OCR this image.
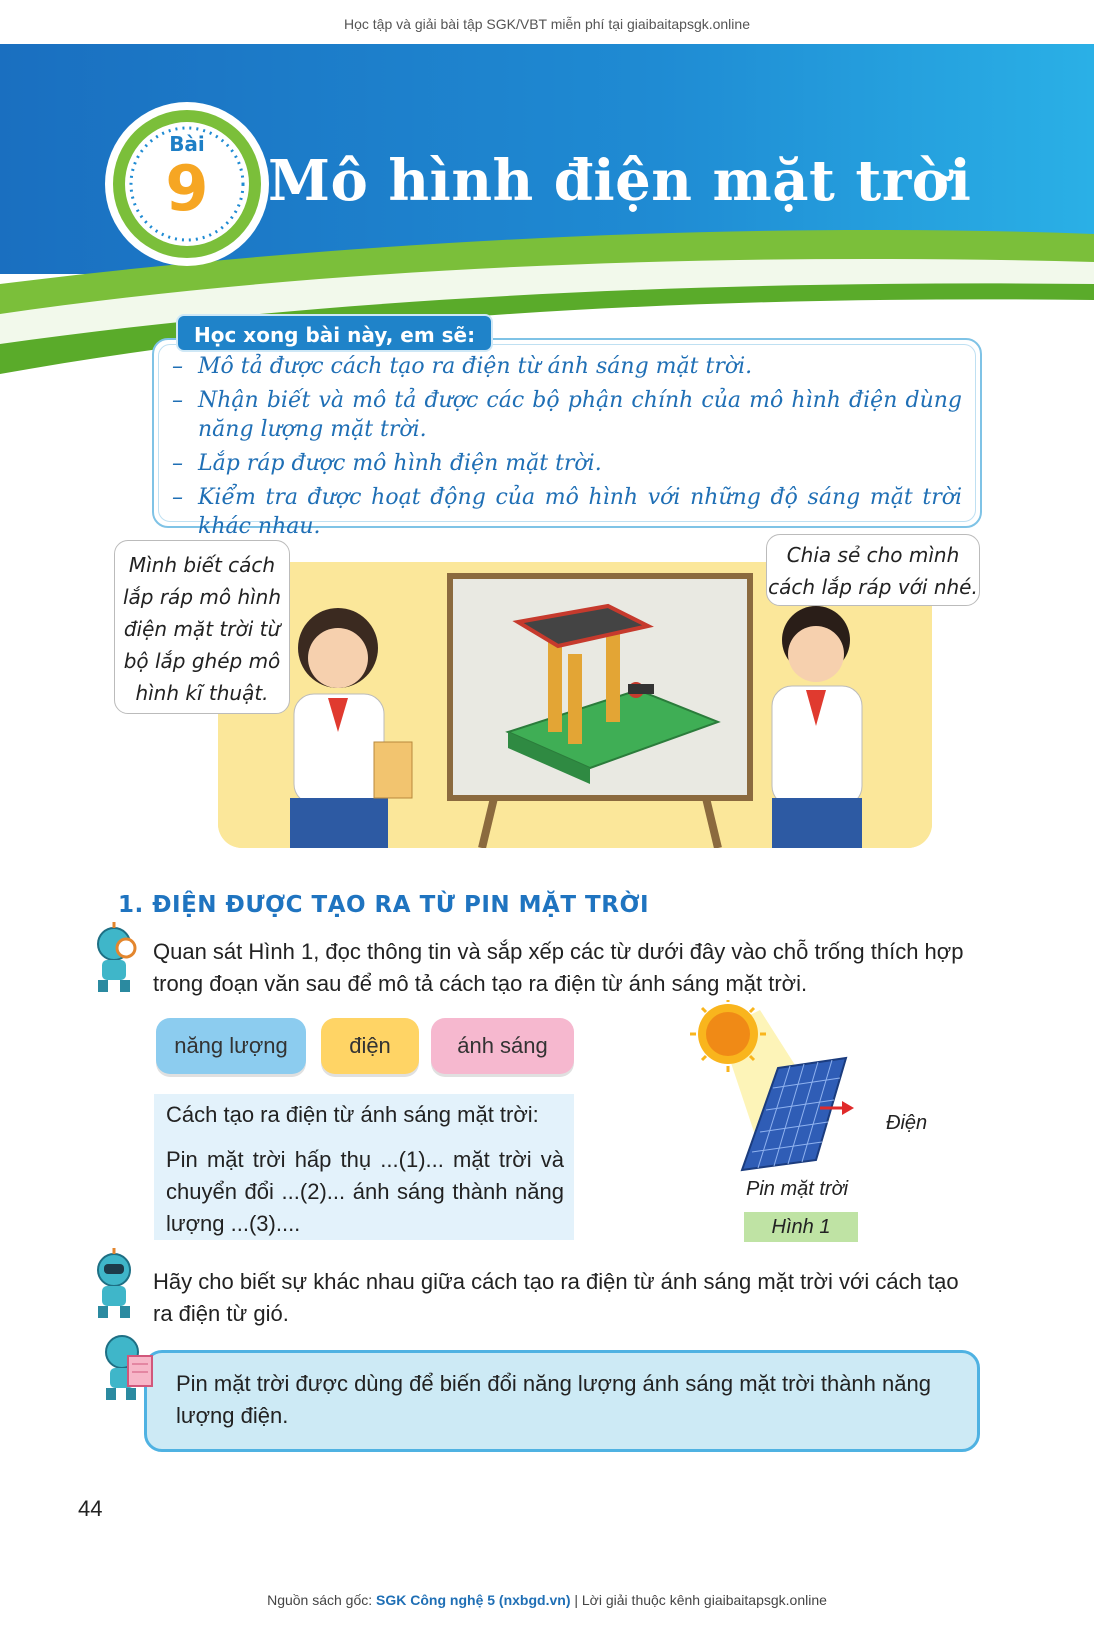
Học tập và giải bài tập SGK/VBT miễn phí tại giaibaitapsgk.online
Bài
9	Mô hình điện mặt trời
Học xong bài này, em sẽ:
– Mô tả được cách tạo ra điện từ ánh sáng mặt trời.
– Nhận biết và mô tả được các bộ phận chính của mô hình điện dùng năng lượng mặt trời.
– Lắp ráp được mô hình điện mặt trời.
– Kiểm tra được hoạt động của mô hình với những độ sáng mặt trời khác nhau.
Mình biết cách lắp ráp mô hình điện mặt trời từ bộ lắp ghép mô hình kĩ thuật.
Chia sẻ cho mình cách lắp ráp với nhé.
1. ĐIỆN ĐƯỢC TẠO RA TỪ PIN MẶT TRỜI
Quan sát Hình 1, đọc thông tin và sắp xếp các từ dưới đây vào chỗ trống thích hợp trong đoạn văn sau để mô tả cách tạo ra điện từ ánh sáng mặt trời.
năng lượng	điện	ánh sáng
Cách tạo ra điện từ ánh sáng mặt trời:
Pin mặt trời hấp thụ ...(1)... mặt trời và chuyển đổi ...(2)... ánh sáng thành năng lượng ...(3)....
Điện
Pin mặt trời
Hình 1
Hãy cho biết sự khác nhau giữa cách tạo ra điện từ ánh sáng mặt trời với cách tạo ra điện từ gió.
Pin mặt trời được dùng để biến đổi năng lượng ánh sáng mặt trời thành năng lượng điện.
44
Nguồn sách gốc: SGK Công nghệ 5 (nxbgd.vn) | Lời giải thuộc kênh giaibaitapsgk.online
